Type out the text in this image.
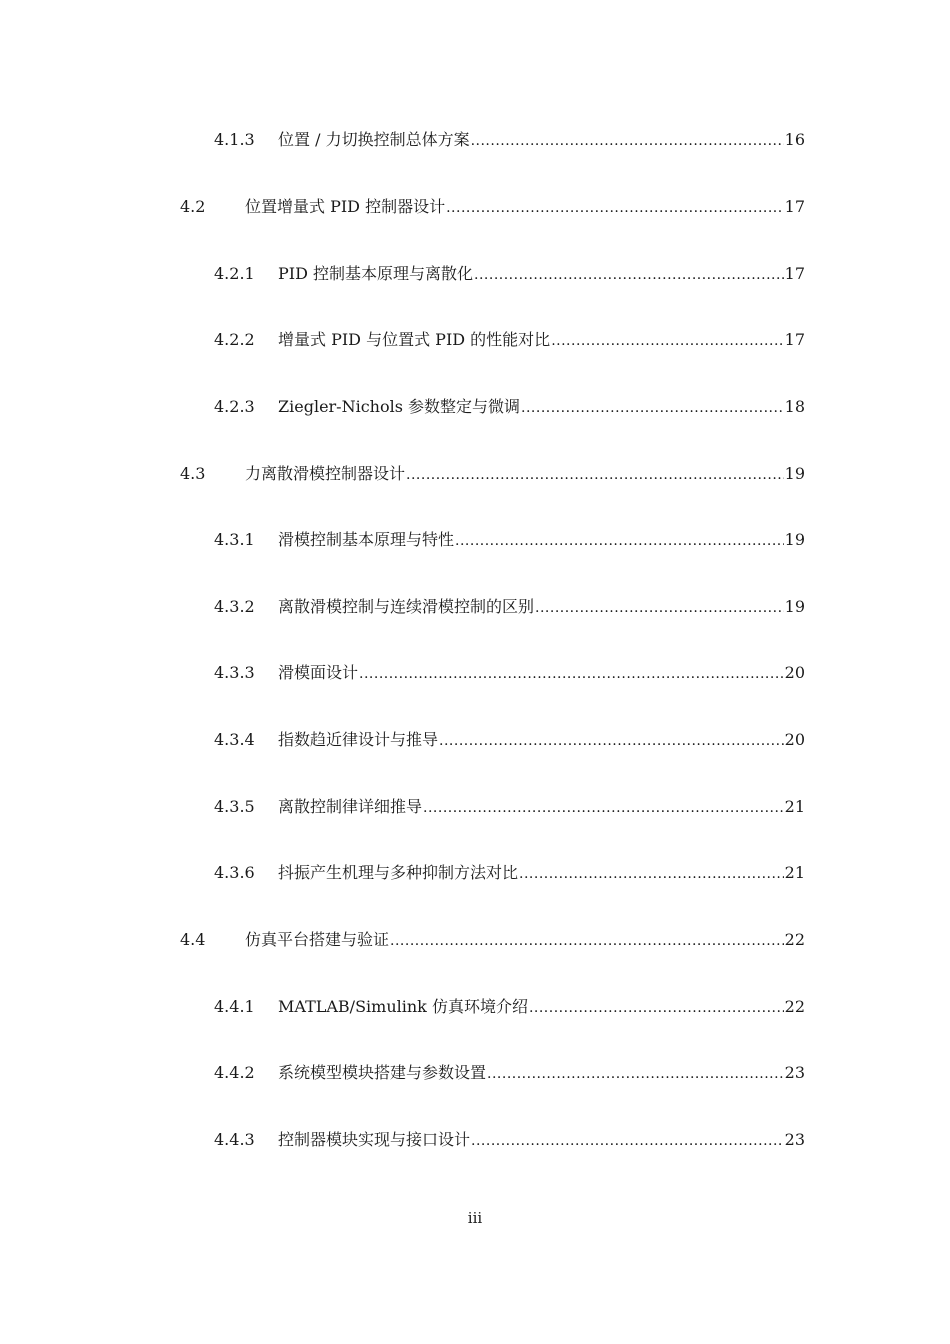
4.1.3	位置 / 力切换控制总体方案 .....	16
4.2	位置增量式 PID 控制器设计 .....	17
4.2.1	PID 控制基本原理与离散化 .....	17
4.2.2	增量式 PID 与位置式 PID 的性能对比 .....	17
4.2.3	Ziegler-Nichols 参数整定与微调 .....	18
4.3	力离散滑模控制器设计 .....	19
4.3.1	滑模控制基本原理与特性 .....	19
4.3.2	离散滑模控制与连续滑模控制的区别 .....	19
4.3.3	滑模面设计 .....	20
4.3.4	指数趋近律设计与推导 .....	20
4.3.5	离散控制律详细推导 .....	21
4.3.6	抖振产生机理与多种抑制方法对比 .....	21
4.4	仿真平台搭建与验证 .....	22
4.4.1	MATLAB/Simulink 仿真环境介绍 .....	22
4.4.2	系统模型模块搭建与参数设置 .....	23
4.4.3	控制器模块实现与接口设计 .....	23
iii
